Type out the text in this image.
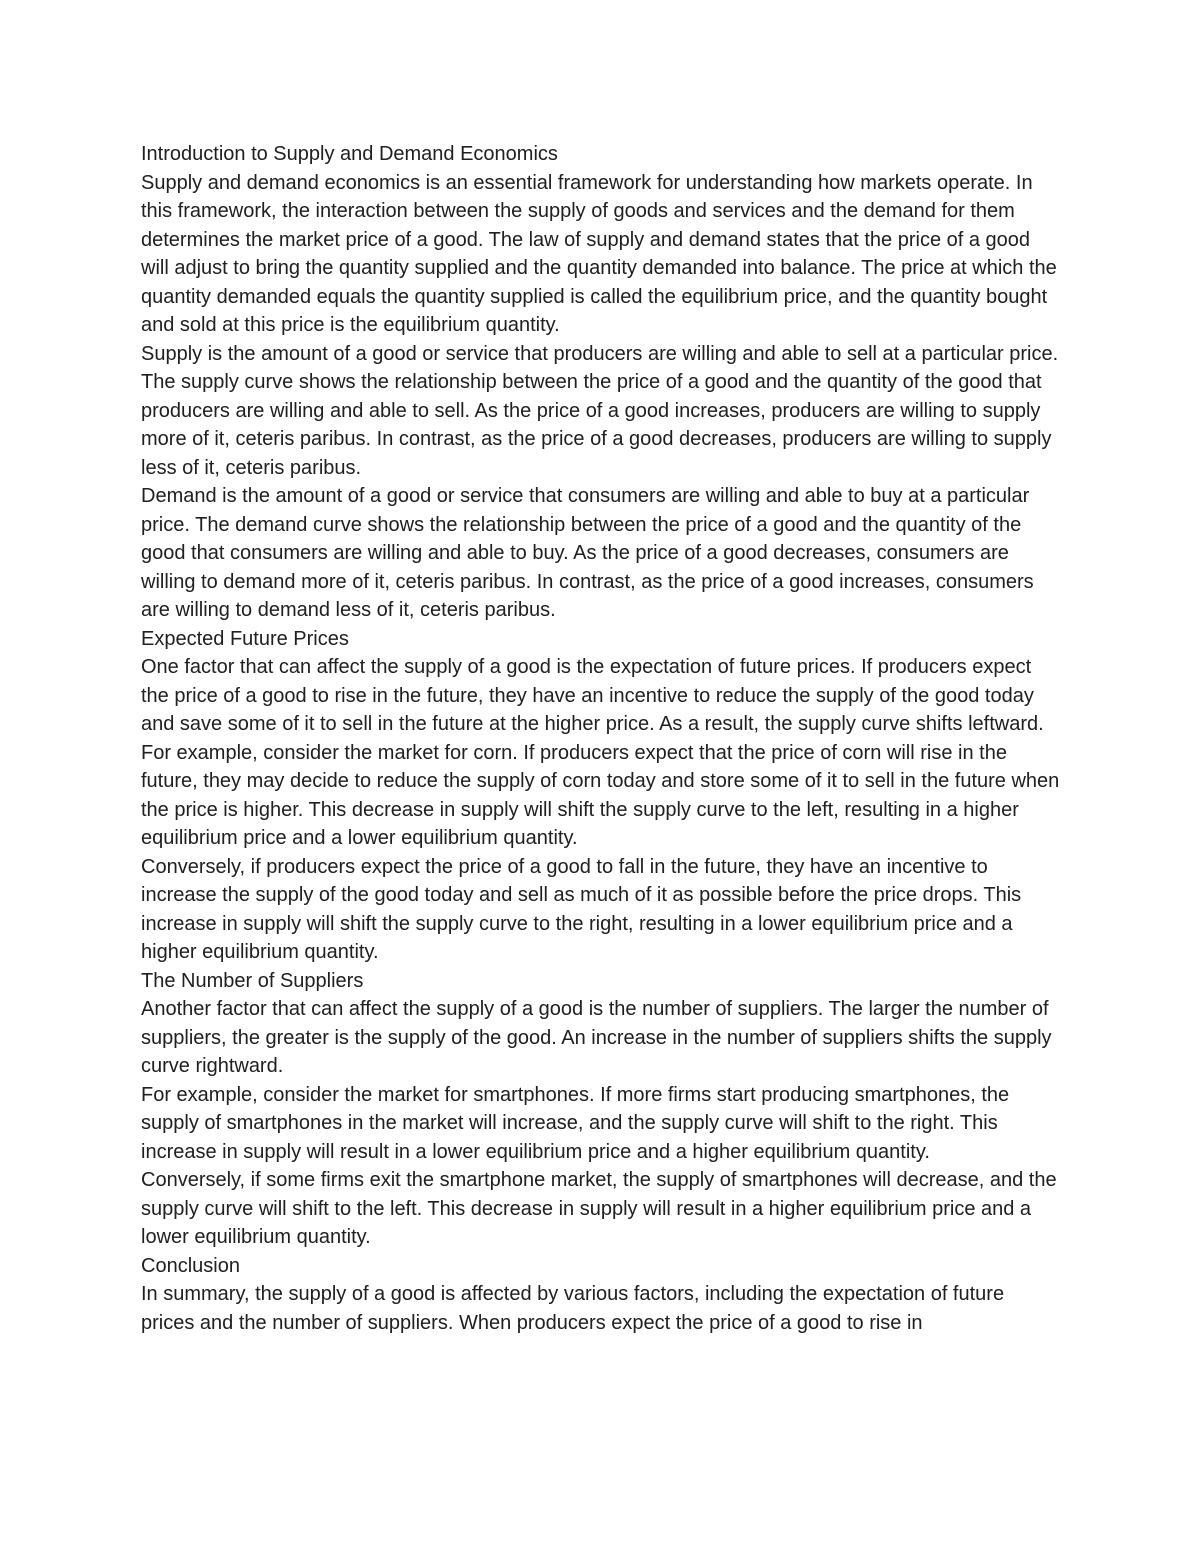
Introduction to Supply and Demand Economics

Supply and demand economics is an essential framework for understanding how markets operate. In this framework, the interaction between the supply of goods and services and the demand for them determines the market price of a good. The law of supply and demand states that the price of a good will adjust to bring the quantity supplied and the quantity demanded into balance. The price at which the quantity demanded equals the quantity supplied is called the equilibrium price, and the quantity bought and sold at this price is the equilibrium quantity.

Supply is the amount of a good or service that producers are willing and able to sell at a particular price. The supply curve shows the relationship between the price of a good and the quantity of the good that producers are willing and able to sell. As the price of a good increases, producers are willing to supply more of it, ceteris paribus. In contrast, as the price of a good decreases, producers are willing to supply less of it, ceteris paribus.

Demand is the amount of a good or service that consumers are willing and able to buy at a particular price. The demand curve shows the relationship between the price of a good and the quantity of the good that consumers are willing and able to buy. As the price of a good decreases, consumers are willing to demand more of it, ceteris paribus. In contrast, as the price of a good increases, consumers are willing to demand less of it, ceteris paribus.

Expected Future Prices

One factor that can affect the supply of a good is the expectation of future prices. If producers expect the price of a good to rise in the future, they have an incentive to reduce the supply of the good today and save some of it to sell in the future at the higher price. As a result, the supply curve shifts leftward.

For example, consider the market for corn. If producers expect that the price of corn will rise in the future, they may decide to reduce the supply of corn today and store some of it to sell in the future when the price is higher. This decrease in supply will shift the supply curve to the left, resulting in a higher equilibrium price and a lower equilibrium quantity.

Conversely, if producers expect the price of a good to fall in the future, they have an incentive to increase the supply of the good today and sell as much of it as possible before the price drops. This increase in supply will shift the supply curve to the right, resulting in a lower equilibrium price and a higher equilibrium quantity.

The Number of Suppliers

Another factor that can affect the supply of a good is the number of suppliers. The larger the number of suppliers, the greater is the supply of the good. An increase in the number of suppliers shifts the supply curve rightward.

For example, consider the market for smartphones. If more firms start producing smartphones, the supply of smartphones in the market will increase, and the supply curve will shift to the right. This increase in supply will result in a lower equilibrium price and a higher equilibrium quantity.

Conversely, if some firms exit the smartphone market, the supply of smartphones will decrease, and the supply curve will shift to the left. This decrease in supply will result in a higher equilibrium price and a lower equilibrium quantity.

Conclusion

In summary, the supply of a good is affected by various factors, including the expectation of future prices and the number of suppliers. When producers expect the price of a good to rise in
